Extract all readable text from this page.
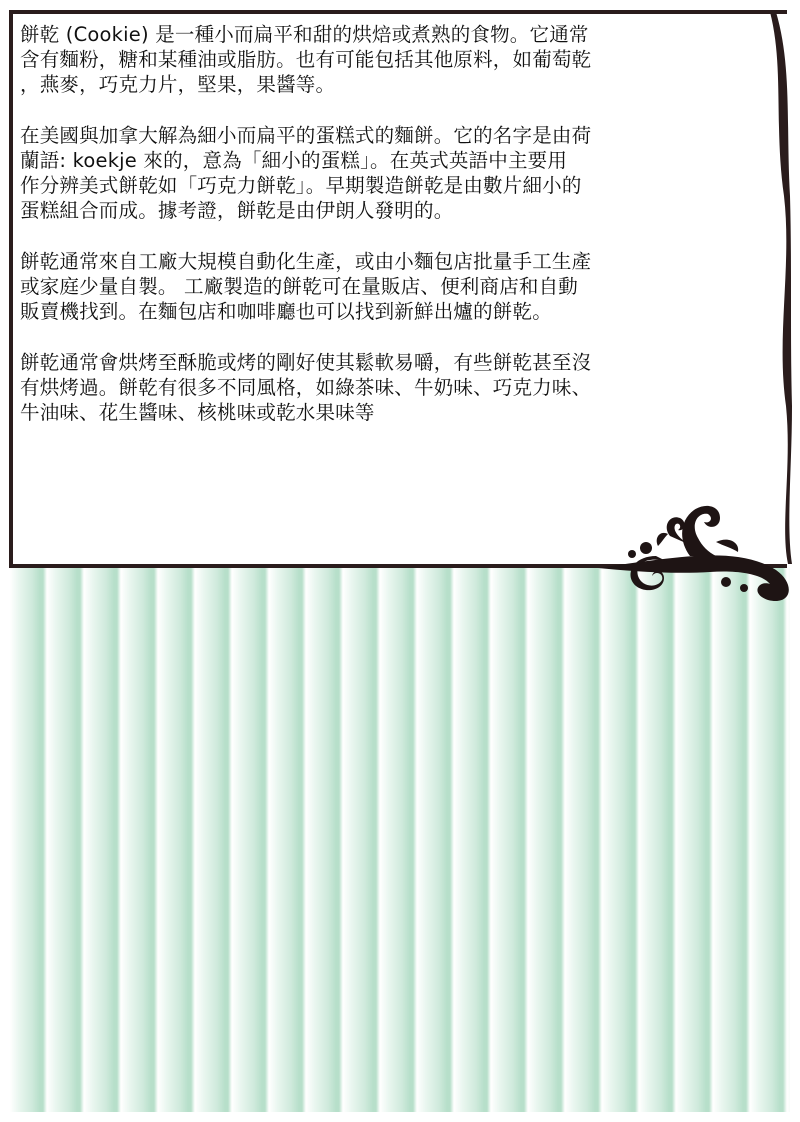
餅乾 (Cookie) 是一種小而扁平和甜的烘焙或煮熟的食物。它通常
含有麵粉，糖和某種油或脂肪。也有可能包括其他原料，如葡萄乾
，燕麥，巧克力片，堅果，果醬等。

在美國與加拿大解為細小而扁平的蛋糕式的麵餅。它的名字是由荷
蘭語: koekje 來的，意為「細小的蛋糕」。在英式英語中主要用
作分辨美式餅乾如「巧克力餅乾」。早期製造餅乾是由數片細小的
蛋糕組合而成。據考證，餅乾是由伊朗人發明的。

餅乾通常來自工廠大規模自動化生產，或由小麵包店批量手工生產
或家庭少量自製。 工廠製造的餅乾可在量販店、便利商店和自動
販賣機找到。在麵包店和咖啡廳也可以找到新鮮出爐的餅乾。

餅乾通常會烘烤至酥脆或烤的剛好使其鬆軟易嚼，有些餅乾甚至沒
有烘烤過。餅乾有很多不同風格，如綠茶味、牛奶味、巧克力味、
牛油味、花生醬味、核桃味或乾水果味等
